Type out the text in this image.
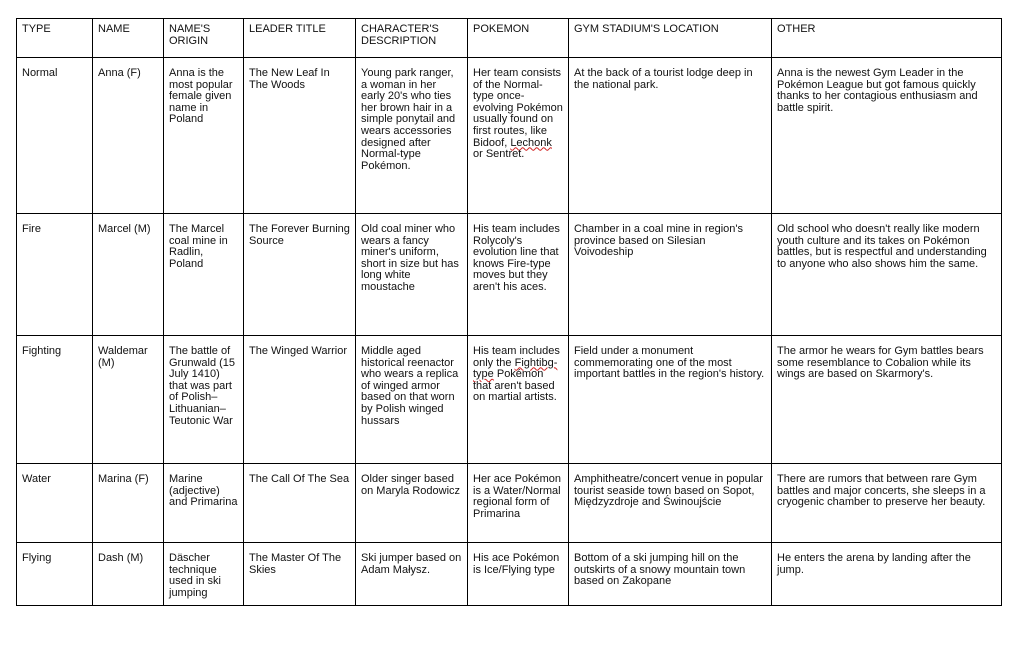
TYPE	NAME	NAME'S ORIGIN	LEADER TITLE	CHARACTER'S DESCRIPTION	POKEMON	GYM STADIUM'S LOCATION	OTHER
Normal	Anna (F)	Anna is the most popular female given name in Poland	The New Leaf In The Woods	Young park ranger, a woman in her early 20's who ties her brown hair in a simple ponytail and wears accessories designed after Normal-type Pokémon.	Her team consists of the Normal-type once-evolving Pokémon usually found on first routes, like Bidoof, Lechonk or Sentret.	At the back of a tourist lodge deep in the national park.	Anna is the newest Gym Leader in the Pokémon League but got famous quickly thanks to her contagious enthusiasm and battle spirit.
Fire	Marcel (M)	The Marcel coal mine in Radlin, Poland	The Forever Burning Source	Old coal miner who wears a fancy miner's uniform, short in size but has long white moustache	His team includes Rolycoly's evolution line that knows Fire-type moves but they aren't his aces.	Chamber in a coal mine in region's province based on Silesian Voivodeship	Old school who doesn't really like modern youth culture and its takes on Pokémon battles, but is respectful and understanding to anyone who also shows him the same.
Fighting	Waldemar (M)	The battle of Grunwald (15 July 1410) that was part of Polish–Lithuanian–Teutonic War	The Winged Warrior	Middle aged historical reenactor who wears a replica of winged armor based on that worn by Polish winged hussars	His team includes only the Fightibg-type Pokémon that aren't based on martial artists.	Field under a monument commemorating one of the most important battles in the region's history.	The armor he wears for Gym battles bears some resemblance to Cobalion while its wings are based on Skarmory's.
Water	Marina (F)	Marine (adjective) and Primarina	The Call Of The Sea	Older singer based on Maryla Rodowicz	Her ace Pokémon is a Water/Normal regional form of Primarina	Amphitheatre/concert venue in popular tourist seaside town based on Sopot, Międzyzdroje and Świnoujście	There are rumors that between rare Gym battles and major concerts, she sleeps in a cryogenic chamber to preserve her beauty.
Flying	Dash (M)	Däscher technique used in ski jumping	The Master Of The Skies	Ski jumper based on Adam Małysz.	His ace Pokémon is Ice/Flying type	Bottom of a ski jumping hill on the outskirts of a snowy mountain town based on Zakopane	He enters the arena by landing after the jump.
